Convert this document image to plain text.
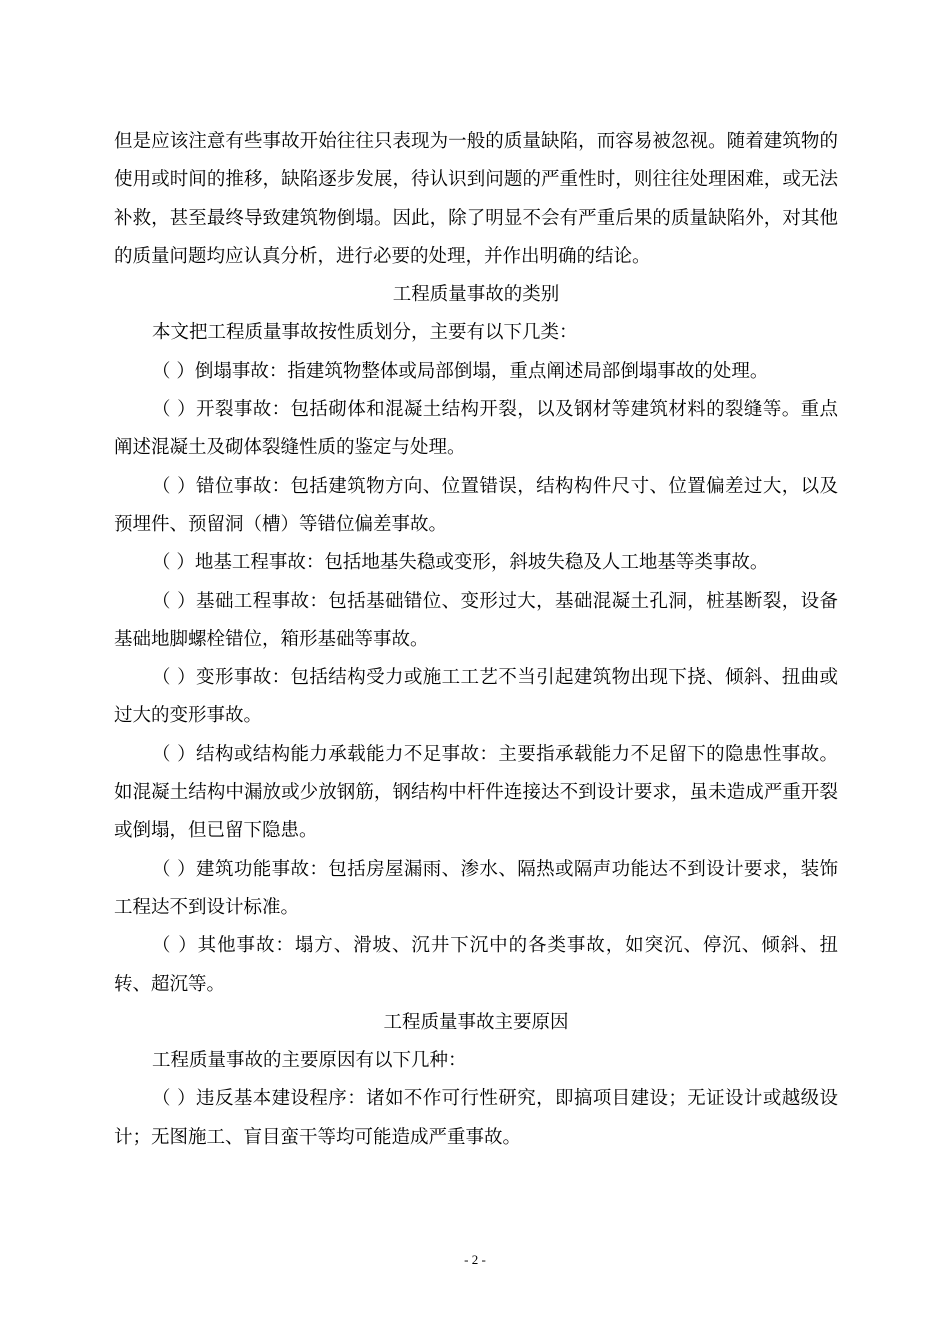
但是应该注意有些事故开始往往只表现为一般的质量缺陷，而容易被忽视。随着建筑物的使用或时间的推移，缺陷逐步发展，待认识到问题的严重性时，则往往处理困难，或无法补救，甚至最终导致建筑物倒塌。因此，除了明显不会有严重后果的质量缺陷外，对其他的质量问题均应认真分析，进行必要的处理，并作出明确的结论。

工程质量事故的类别

本文把工程质量事故按性质划分，主要有以下几类：

（ ）倒塌事故：指建筑物整体或局部倒塌，重点阐述局部倒塌事故的处理。

（ ）开裂事故：包括砌体和混凝土结构开裂，以及钢材等建筑材料的裂缝等。重点阐述混凝土及砌体裂缝性质的鉴定与处理。

（ ）错位事故：包括建筑物方向、位置错误，结构构件尺寸、位置偏差过大，以及预埋件、预留洞（槽）等错位偏差事故。

（ ）地基工程事故：包括地基失稳或变形，斜坡失稳及人工地基等类事故。

（ ）基础工程事故：包括基础错位、变形过大，基础混凝土孔洞，桩基断裂，设备基础地脚螺栓错位，箱形基础等事故。

（ ）变形事故：包括结构受力或施工工艺不当引起建筑物出现下挠、倾斜、扭曲或过大的变形事故。

（ ）结构或结构能力承载能力不足事故：主要指承载能力不足留下的隐患性事故。如混凝土结构中漏放或少放钢筋，钢结构中杆件连接达不到设计要求，虽未造成严重开裂或倒塌，但已留下隐患。

（ ）建筑功能事故：包括房屋漏雨、渗水、隔热或隔声功能达不到设计要求，装饰工程达不到设计标准。

（ ）其他事故：塌方、滑坡、沉井下沉中的各类事故，如突沉、停沉、倾斜、扭转、超沉等。

工程质量事故主要原因

工程质量事故的主要原因有以下几种：

（ ）违反基本建设程序：诸如不作可行性研究，即搞项目建设；无证设计或越级设计；无图施工、盲目蛮干等均可能造成严重事故。

- 2 -
